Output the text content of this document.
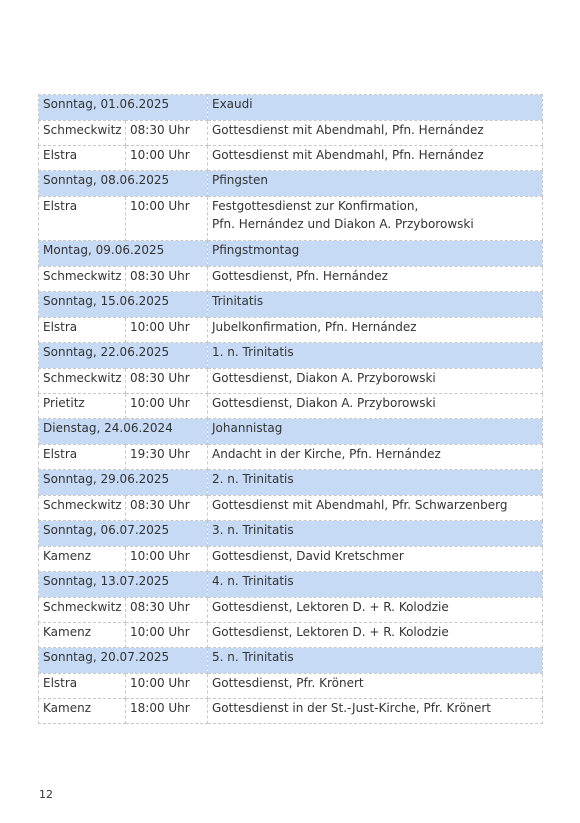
Sonntag, 01.06.2025		Exaudi
Schmeckwitz	08:30 Uhr	Gottesdienst mit Abendmahl, Pfn. Hernández

Elstra	10:00 Uhr	Gottesdienst mit Abendmahl, Pfn. Hernández

Sonntag, 08.06.2025		Pfingsten
Elstra	10:00 Uhr	Festgottesdienst zur Konfirmation,
Pfn. Hernández und Diakon A. Przyborowski

Montag, 09.06.2025		Pfingstmontag
Schmeckwitz	08:30 Uhr	Gottesdienst, Pfn. Hernández

Sonntag, 15.06.2025		Trinitatis
Elstra	10:00 Uhr	Jubelkonfirmation, Pfn. Hernández

Sonntag, 22.06.2025		1. n. Trinitatis
Schmeckwitz	08:30 Uhr	Gottesdienst, Diakon A. Przyborowski

Prietitz	10:00 Uhr	Gottesdienst, Diakon A. Przyborowski

Dienstag, 24.06.2024		Johannistag
Elstra	19:30 Uhr	Andacht in der Kirche, Pfn. Hernández

Sonntag, 29.06.2025		2. n. Trinitatis
Schmeckwitz	08:30 Uhr	Gottesdienst mit Abendmahl, Pfr. Schwarzenberg

Sonntag, 06.07.2025		3. n. Trinitatis
Kamenz	10:00 Uhr	Gottesdienst, David Kretschmer

Sonntag, 13.07.2025		4. n. Trinitatis
Schmeckwitz	08:30 Uhr	Gottesdienst, Lektoren D. + R. Kolodzie

Kamenz	10:00 Uhr	Gottesdienst, Lektoren D. + R. Kolodzie

Sonntag, 20.07.2025		5. n. Trinitatis
Elstra	10:00 Uhr	Gottesdienst, Pfr. Krönert

Kamenz	18:00 Uhr	Gottesdienst in der St.-Just-Kirche, Pfr. Krönert
12
